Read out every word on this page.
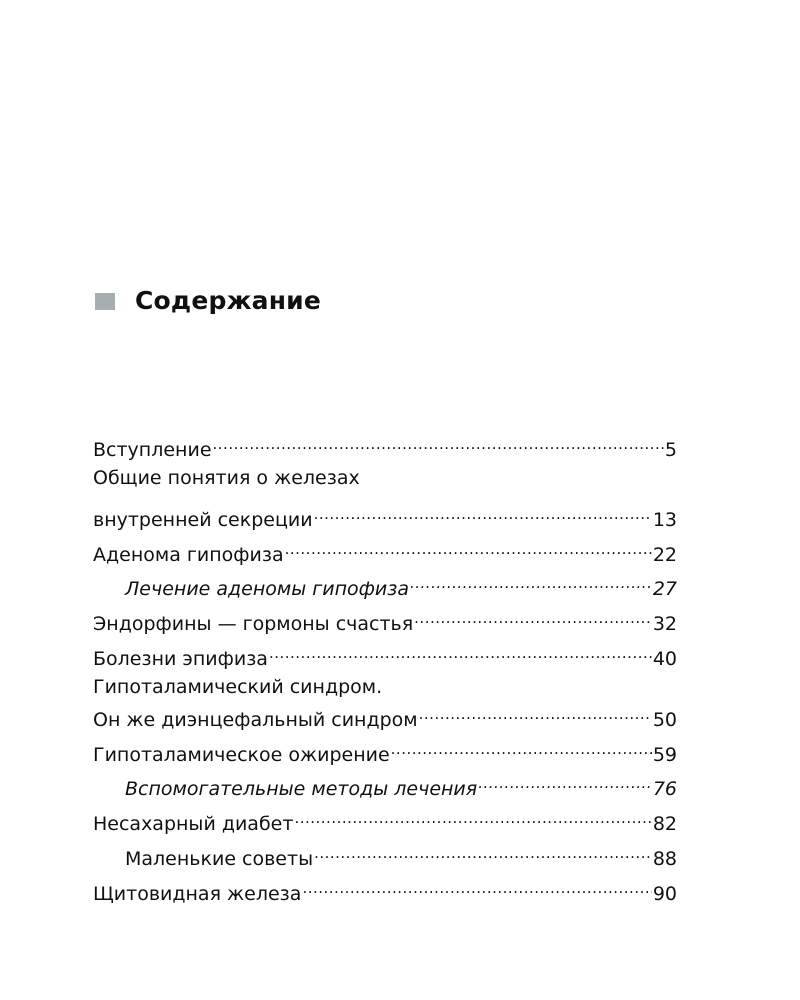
Содержание
Вступление .....	5
Общие понятия о железах
внутренней секреции .....	13
Аденома гипофиза .....	22
Лечение аденомы гипофиза .....	27
Эндорфины — гормоны счастья .....	32
Болезни эпифиза .....	40
Гипоталамический синдром.
Он же диэнцефальный синдром .....	50
Гипоталамическое ожирение .....	59
Вспомогательные методы лечения .....	76
Несахарный диабет .....	82
Маленькие советы .....	88
Щитовидная железа .....	90
